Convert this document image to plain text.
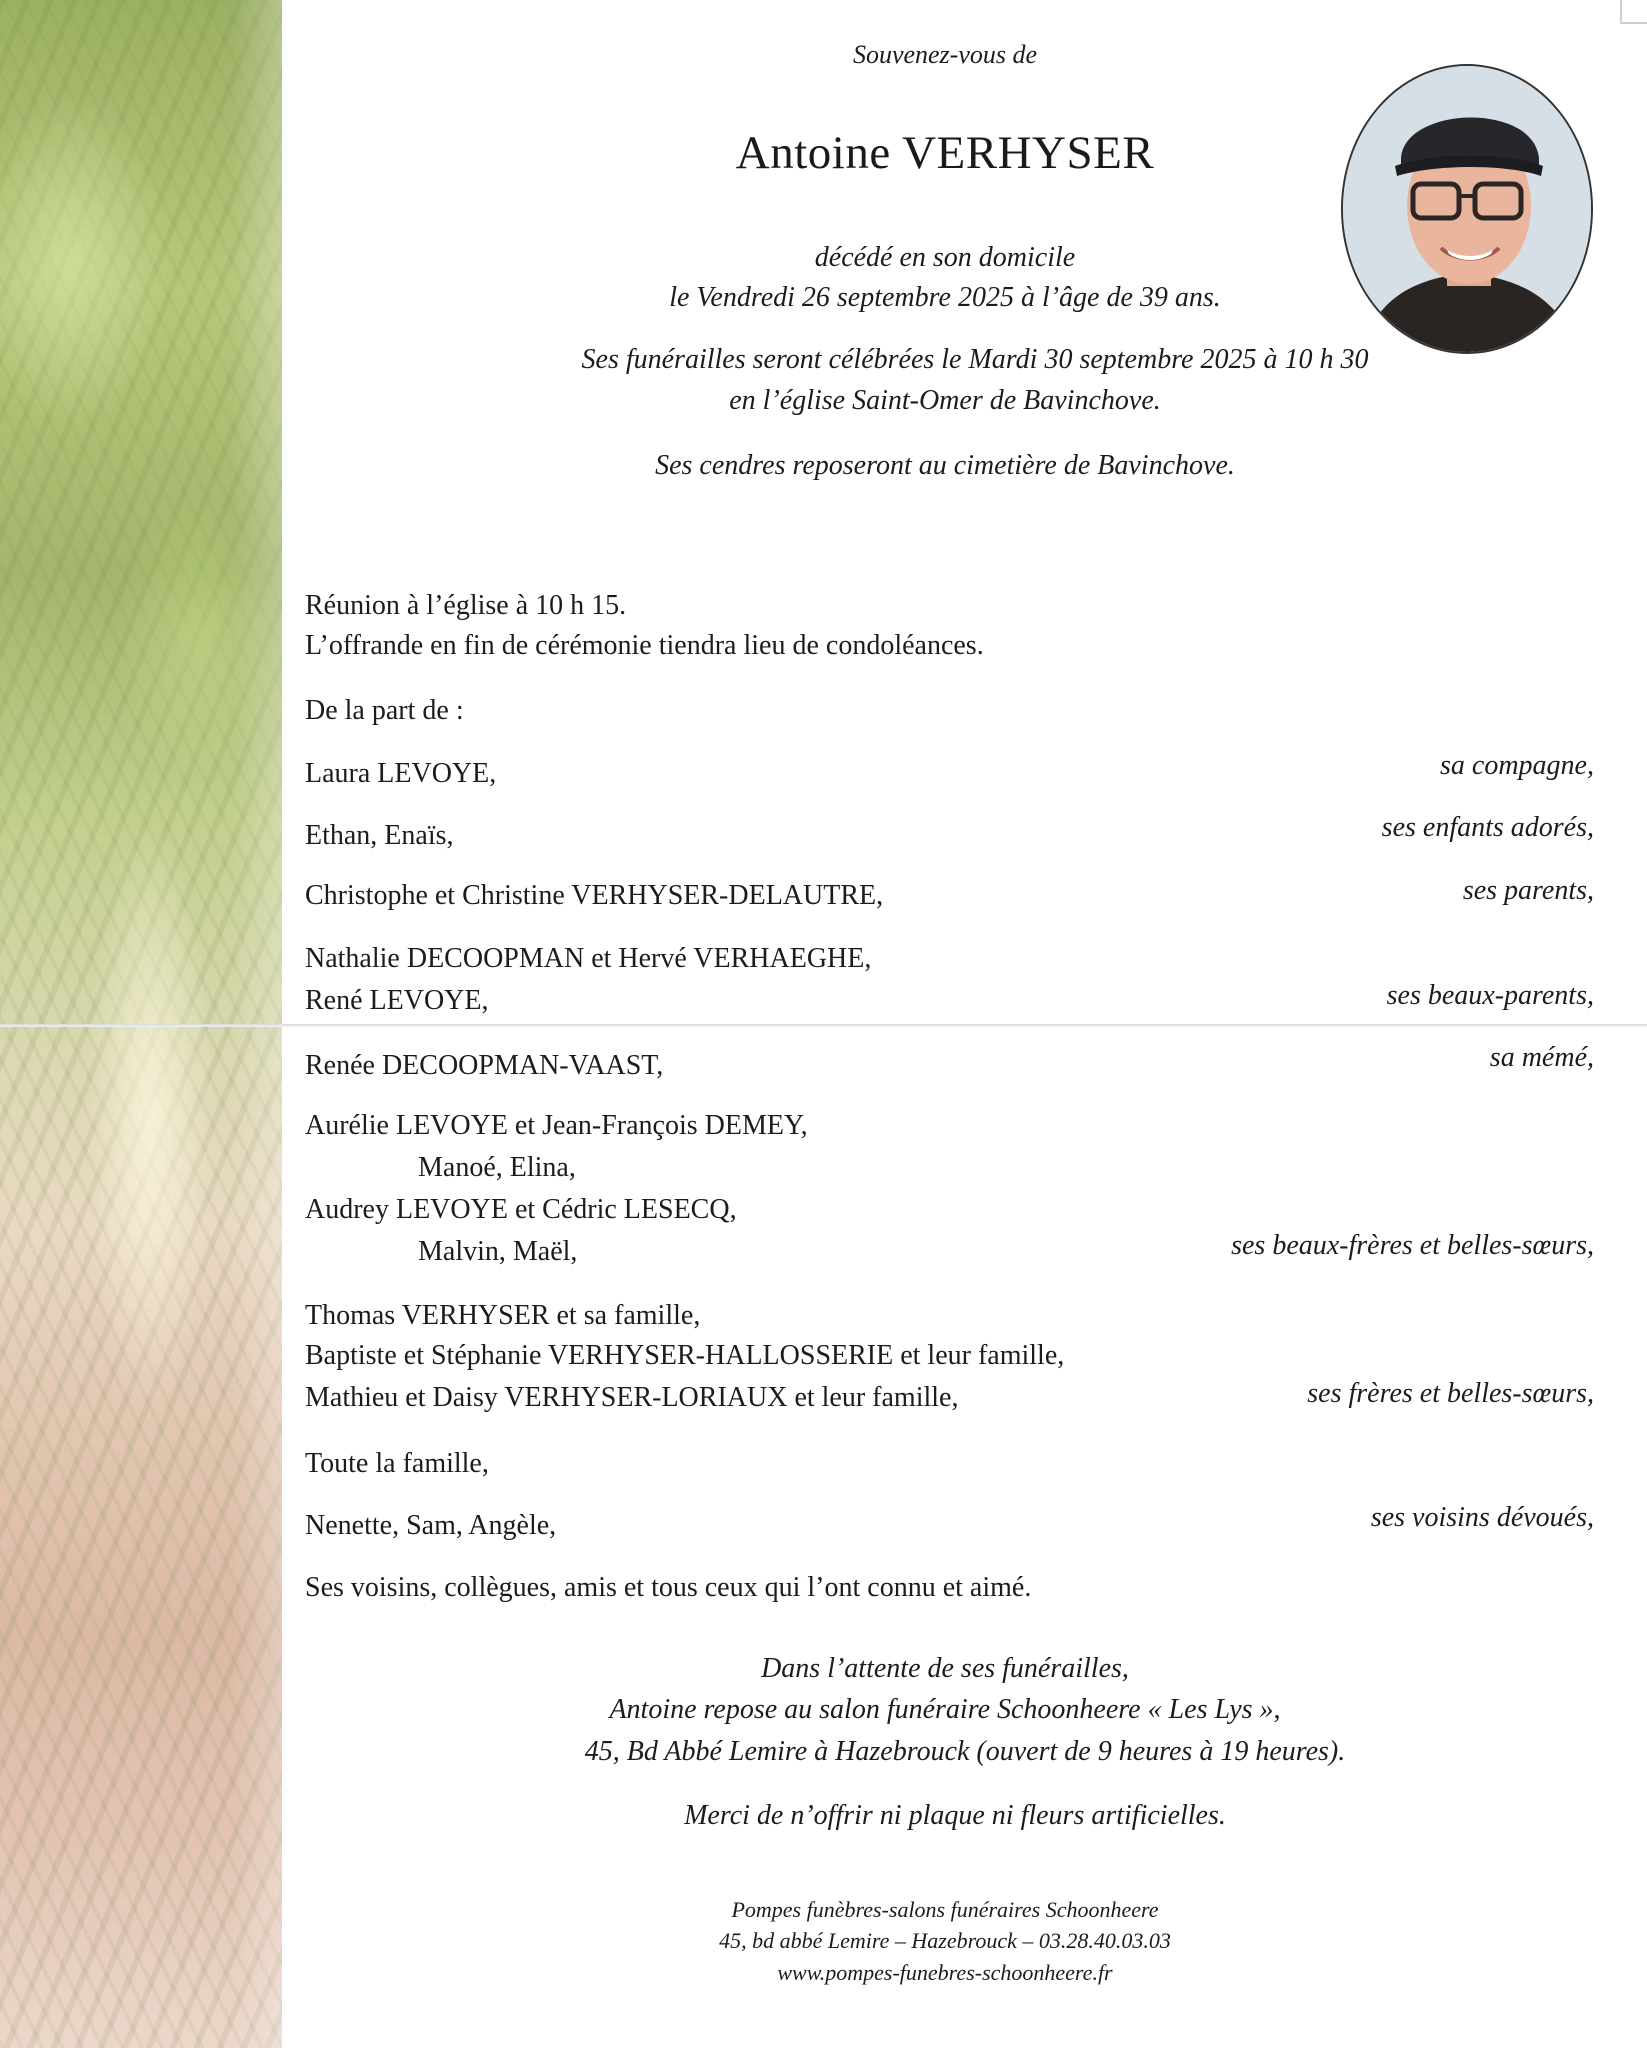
Souvenez-vous de
Antoine VERHYSER
décédé en son domicile
le Vendredi 26 septembre 2025 à l’âge de 39 ans.
Ses funérailles seront célébrées le Mardi 30 septembre 2025 à 10 h 30
en l’église Saint-Omer de Bavinchove.
Ses cendres reposeront au cimetière de Bavinchove.
Réunion à l’église à 10 h 15.
L’offrande en fin de cérémonie tiendra lieu de condoléances.
De la part de :
Laura LEVOYE,	sa compagne,
Ethan, Enaïs,	ses enfants adorés,
Christophe et Christine VERHYSER-DELAUTRE,	ses parents,
Nathalie DECOOPMAN et Hervé VERHAEGHE,
René LEVOYE,	ses beaux-parents,
Renée DECOOPMAN-VAAST,	sa mémé,
Aurélie LEVOYE et Jean-François DEMEY,
Manoé, Elina,
Audrey LEVOYE et Cédric LESECQ,
Malvin, Maël,	ses beaux-frères et belles-sœurs,
Thomas VERHYSER et sa famille,
Baptiste et Stéphanie VERHYSER-HALLOSSERIE et leur famille,
Mathieu et Daisy VERHYSER-LORIAUX et leur famille,	ses frères et belles-sœurs,
Toute la famille,
Nenette, Sam, Angèle,	ses voisins dévoués,
Ses voisins, collègues, amis et tous ceux qui l’ont connu et aimé.
Dans l’attente de ses funérailles,
Antoine repose au salon funéraire Schoonheere « Les Lys »,
45, Bd Abbé Lemire à Hazebrouck (ouvert de 9 heures à 19 heures).
Merci de n’offrir ni plaque ni fleurs artificielles.
Pompes funèbres-salons funéraires Schoonheere
45, bd abbé Lemire – Hazebrouck – 03.28.40.03.03
www.pompes-funebres-schoonheere.fr
